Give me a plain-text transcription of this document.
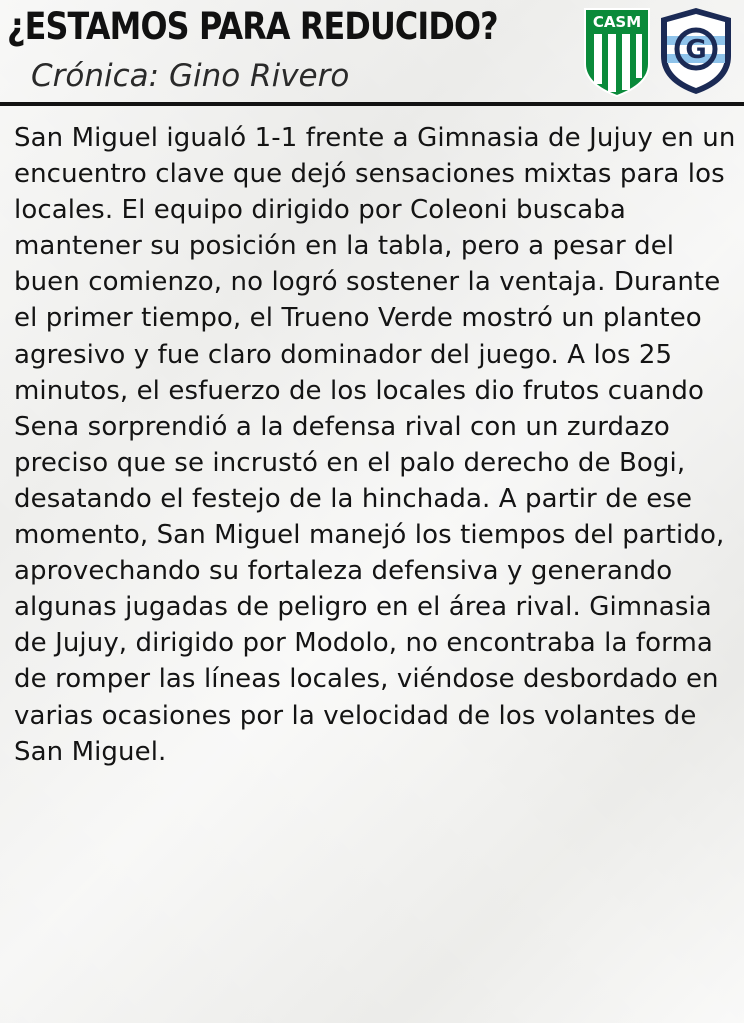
¿ESTAMOS PARA REDUCIDO?
Crónica: Gino Rivero
CASM
G

San Miguel igualó 1-1 frente a Gimnasia de Jujuy en un encuentro clave que dejó sensaciones mixtas para los locales. El equipo dirigido por Coleoni buscaba mantener su posición en la tabla, pero a pesar del buen comienzo, no logró sostener la ventaja. Durante el primer tiempo, el Trueno Verde mostró un planteo agresivo y fue claro dominador del juego. A los 25 minutos, el esfuerzo de los locales dio frutos cuando Sena sorprendió a la defensa rival con un zurdazo preciso que se incrustó en el palo derecho de Bogi, desatando el festejo de la hinchada. A partir de ese momento, San Miguel manejó los tiempos del partido, aprovechando su fortaleza defensiva y generando algunas jugadas de peligro en el área rival. Gimnasia de Jujuy, dirigido por Modolo, no encontraba la forma de romper las líneas locales, viéndose desbordado en varias ocasiones por la velocidad de los volantes de San Miguel.
